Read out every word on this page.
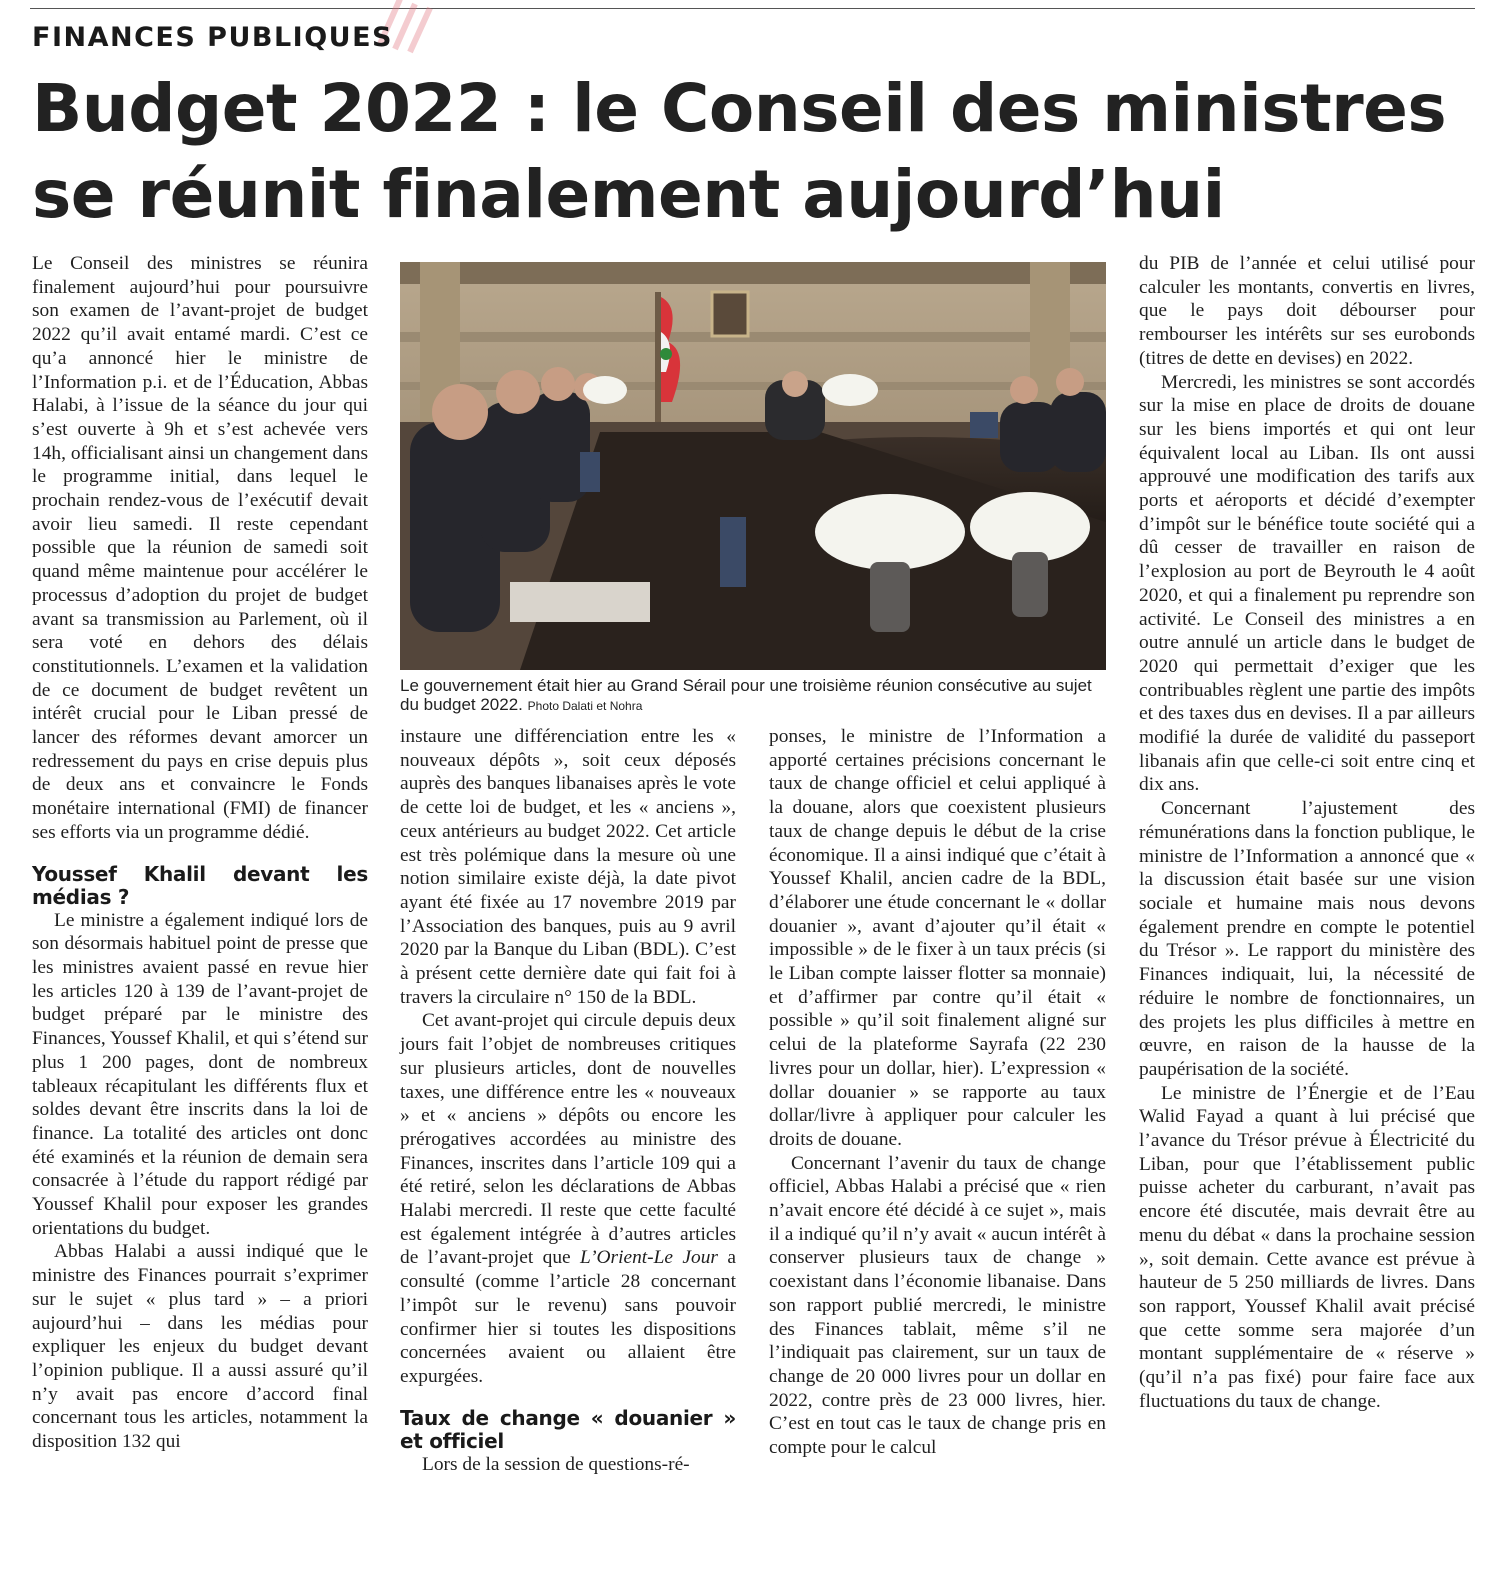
FINANCES PUBLIQUES
Budget 2022 : le Conseil des ministres
se réunit finalement aujourd’hui

Le Conseil des ministres se réunira finalement aujourd’hui pour poursuivre son examen de l’avant-projet de budget 2022 qu’il avait entamé mardi. C’est ce qu’a annoncé hier le ministre de l’Information p.i. et de l’Éducation, Abbas Halabi, à l’issue de la séance du jour qui s’est ouverte à 9h et s’est achevée vers 14h, officialisant ainsi un changement dans le programme initial, dans lequel le prochain rendez-vous de l’exécutif devait avoir lieu samedi. Il reste cependant possible que la réunion de samedi soit quand même maintenue pour accélérer le processus d’adoption du projet de budget avant sa transmission au Parlement, où il sera voté en dehors des délais constitutionnels. L’examen et la validation de ce document de budget revêtent un intérêt crucial pour le Liban pressé de lancer des réformes devant amorcer un redressement du pays en crise depuis plus de deux ans et convaincre le Fonds monétaire international (FMI) de financer ses efforts via un programme dédié.

Youssef Khalil devant les médias ?

Le ministre a également indiqué lors de son désormais habituel point de presse que les ministres avaient passé en revue hier les articles 120 à 139 de l’avant-projet de budget préparé par le ministre des Finances, Youssef Khalil, et qui s’étend sur plus 1 200 pages, dont de nombreux tableaux récapitulant les différents flux et soldes devant être inscrits dans la loi de finance. La totalité des articles ont donc été examinés et la réunion de demain sera consacrée à l’étude du rapport rédigé par Youssef Khalil pour exposer les grandes orientations du budget.

Abbas Halabi a aussi indiqué que le ministre des Finances pourrait s’exprimer sur le sujet « plus tard » – a priori aujourd’hui – dans les médias pour expliquer les enjeux du budget devant l’opinion publique. Il a aussi assuré qu’il n’y avait pas encore d’accord final concernant tous les articles, notamment la disposition 132 qui

Le gouvernement était hier au Grand Sérail pour une troisième réunion consécutive au sujet du budget 2022. Photo Dalati et Nohra

instaure une différenciation entre les « nouveaux dépôts », soit ceux déposés auprès des banques libanaises après le vote de cette loi de budget, et les « anciens », ceux antérieurs au budget 2022. Cet article est très polémique dans la mesure où une notion similaire existe déjà, la date pivot ayant été fixée au 17 novembre 2019 par l’Association des banques, puis au 9 avril 2020 par la Banque du Liban (BDL). C’est à présent cette dernière date qui fait foi à travers la circulaire n° 150 de la BDL.

Cet avant-projet qui circule depuis deux jours fait l’objet de nombreuses critiques sur plusieurs articles, dont de nouvelles taxes, une différence entre les « nouveaux » et « anciens » dépôts ou encore les prérogatives accordées au ministre des Finances, inscrites dans l’article 109 qui a été retiré, selon les déclarations de Abbas Halabi mercredi. Il reste que cette faculté est également intégrée à d’autres articles de l’avant-projet que L’Orient-Le Jour a consulté (comme l’article 28 concernant l’impôt sur le revenu) sans pouvoir confirmer hier si toutes les dispositions concernées avaient ou allaient être expurgées.

Taux de change « douanier » et officiel

Lors de la session de questions-ré-

ponses, le ministre de l’Information a apporté certaines précisions concernant le taux de change officiel et celui appliqué à la douane, alors que coexistent plusieurs taux de change depuis le début de la crise économique. Il a ainsi indiqué que c’était à Youssef Khalil, ancien cadre de la BDL, d’élaborer une étude concernant le « dollar douanier », avant d’ajouter qu’il était « impossible » de le fixer à un taux précis (si le Liban compte laisser flotter sa monnaie) et d’affirmer par contre qu’il était « possible » qu’il soit finalement aligné sur celui de la plateforme Sayrafa (22 230 livres pour un dollar, hier). L’expression « dollar douanier » se rapporte au taux dollar/livre à appliquer pour calculer les droits de douane.

Concernant l’avenir du taux de change officiel, Abbas Halabi a précisé que « rien n’avait encore été décidé à ce sujet », mais il a indiqué qu’il n’y avait « aucun intérêt à conserver plusieurs taux de change » coexistant dans l’économie libanaise. Dans son rapport publié mercredi, le ministre des Finances tablait, même s’il ne l’indiquait pas clairement, sur un taux de change de 20 000 livres pour un dollar en 2022, contre près de 23 000 livres, hier. C’est en tout cas le taux de change pris en compte pour le calcul

du PIB de l’année et celui utilisé pour calculer les montants, convertis en livres, que le pays doit débourser pour rembourser les intérêts sur ses eurobonds (titres de dette en devises) en 2022.

Mercredi, les ministres se sont accordés sur la mise en place de droits de douane sur les biens importés et qui ont leur équivalent local au Liban. Ils ont aussi approuvé une modification des tarifs aux ports et aéroports et décidé d’exempter d’impôt sur le bénéfice toute société qui a dû cesser de travailler en raison de l’explosion au port de Beyrouth le 4 août 2020, et qui a finalement pu reprendre son activité. Le Conseil des ministres a en outre annulé un article dans le budget de 2020 qui permettait d’exiger que les contribuables règlent une partie des impôts et des taxes dus en devises. Il a par ailleurs modifié la durée de validité du passeport libanais afin que celle-ci soit entre cinq et dix ans.

Concernant l’ajustement des rémunérations dans la fonction publique, le ministre de l’Information a annoncé que « la discussion était basée sur une vision sociale et humaine mais nous devons également prendre en compte le potentiel du Trésor ». Le rapport du ministère des Finances indiquait, lui, la nécessité de réduire le nombre de fonctionnaires, un des projets les plus difficiles à mettre en œuvre, en raison de la hausse de la paupérisation de la société.

Le ministre de l’Énergie et de l’Eau Walid Fayad a quant à lui précisé que l’avance du Trésor prévue à Électricité du Liban, pour que l’établissement public puisse acheter du carburant, n’avait pas encore été discutée, mais devrait être au menu du débat « dans la prochaine session », soit demain. Cette avance est prévue à hauteur de 5 250 milliards de livres. Dans son rapport, Youssef Khalil avait précisé que cette somme sera majorée d’un montant supplémentaire de « réserve » (qu’il n’a pas fixé) pour faire face aux fluctuations du taux de change.
